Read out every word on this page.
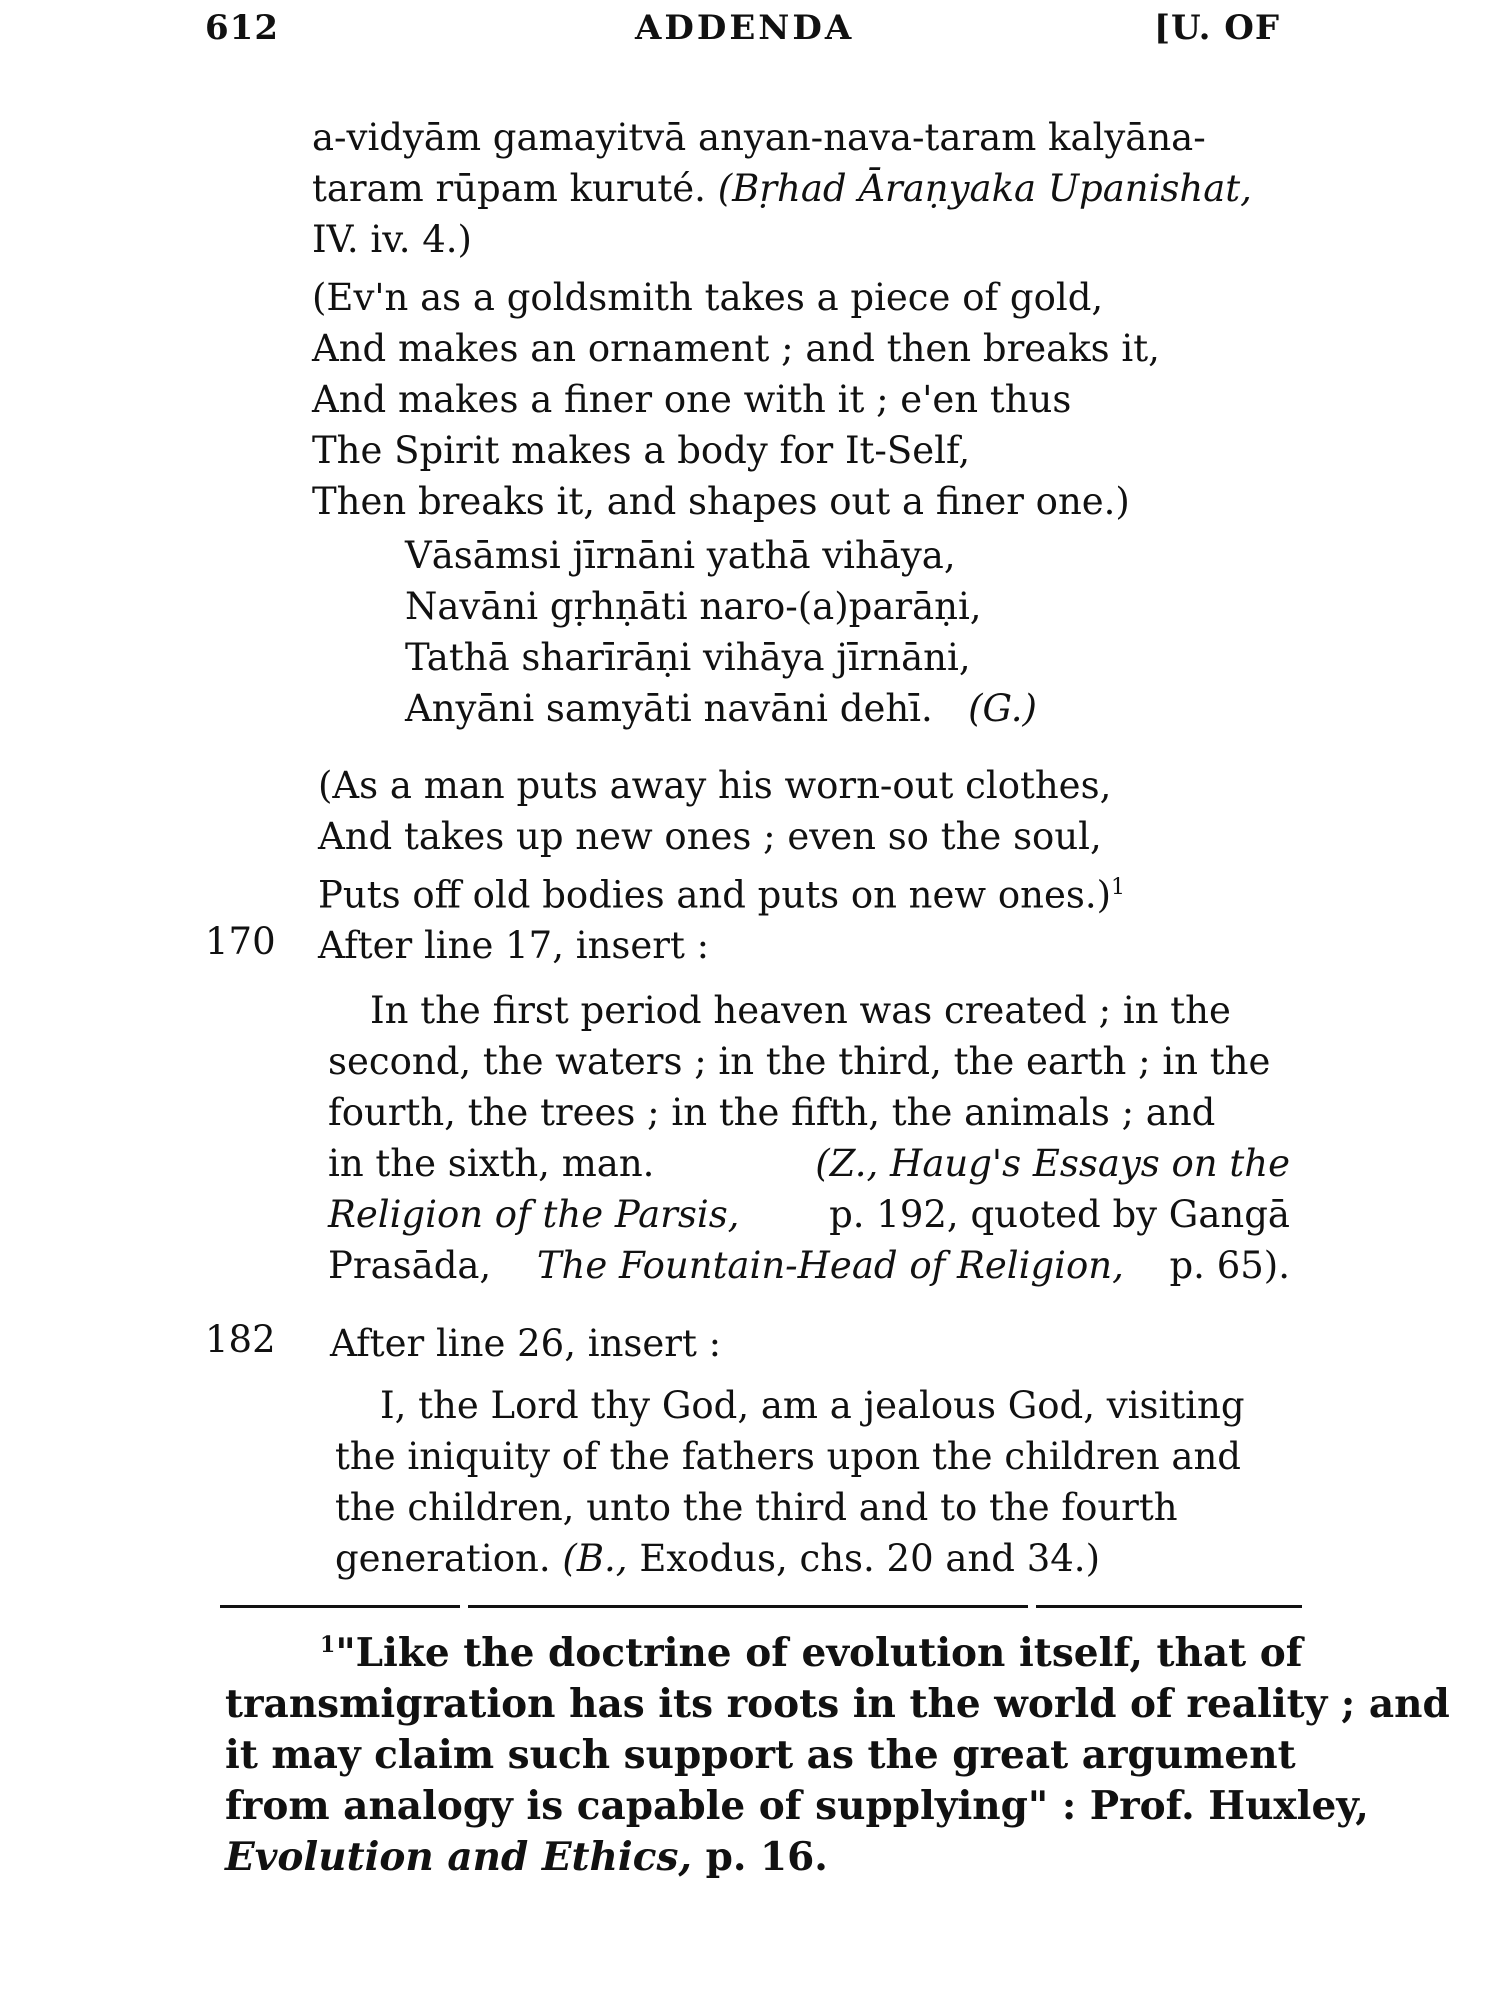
612	ADDENDA	[U. OF
a-vidyām gamayitvā anyan-nava-taram kalyāna-
taram rūpam kuruté. (Bṛhad Āraṇyaka Upanishat,
IV. iv. 4.)
(Ev'n as a goldsmith takes a piece of gold,
And makes an ornament ; and then breaks it,
And makes a finer one with it ; e'en thus
The Spirit makes a body for It-Self,
Then breaks it, and shapes out a finer one.)
Vāsāmsi jīrnāni yathā vihāya,
Navāni gṛhṇāti naro-(a)parāṇi,
Tathā sharīrāṇi vihāya jīrnāni,
Anyāni samyāti navāni dehī. (G.)
(As a man puts away his worn-out clothes,
And takes up new ones ; even so the soul,
Puts off old bodies and puts on new ones.)$^1$
170 After line 17, insert :
In the first period heaven was created ; in the
second, the waters ; in the third, the earth ; in the
fourth, the trees ; in the fifth, the animals ; and
in the sixth, man.	(Z., Haug's Essays on the
Religion of the Parsis, p. 192, quoted by Gangā
Prasāda, The Fountain-Head of Religion, p. 65).
182 After line 26, insert :
I, the Lord thy God, am a jealous God, visiting
the iniquity of the fathers upon the children and
the children, unto the third and to the fourth
generation. (B., Exodus, chs. 20 and 34.)
$^1$"Like the doctrine of evolution itself, that of
transmigration has its roots in the world of reality ; and
it may claim such support as the great argument
from analogy is capable of supplying" : Prof. Huxley,
Evolution and Ethics, p. 16.
